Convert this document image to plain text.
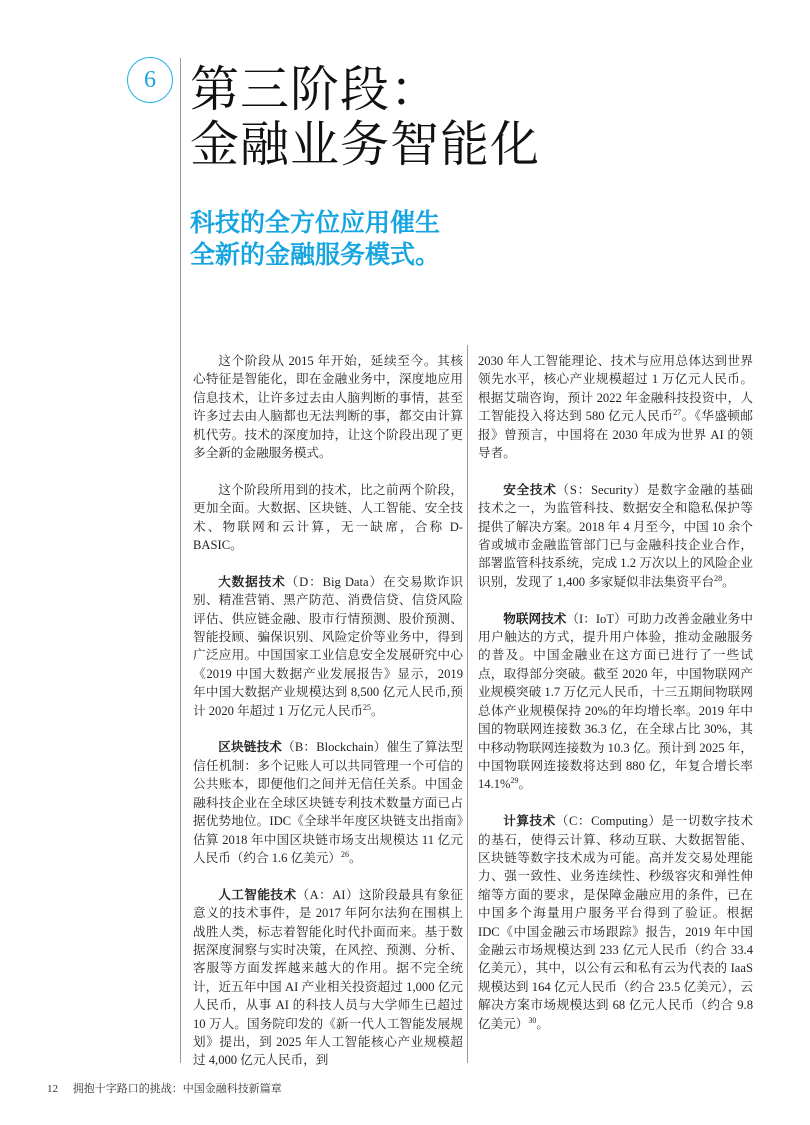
6 第三阶段：
金融业务智能化
科技的全方位应用催生
全新的金融服务模式。

这个阶段从 2015 年开始，延续至今。其核心特征是智能化，即在金融业务中，深度地应用信息技术，让许多过去由人脑判断的事情，甚至许多过去由人脑都也无法判断的事，都交由计算机代劳。技术的深度加持，让这个阶段出现了更多全新的金融服务模式。

这个阶段所用到的技术，比之前两个阶段，更加全面。大数据、区块链、人工智能、安全技术、物联网和云计算，无一缺席，合称 D-BASIC。

大数据技术（D：Big Data）在交易欺诈识别、精准营销、黑产防范、消费信贷、信贷风险评估、供应链金融、股市行情预测、股价预测、智能投顾、骗保识别、风险定价等业务中，得到广泛应用。中国国家工业信息安全发展研究中心《2019 中国大数据产业发展报告》显示，2019 年中国大数据产业规模达到 8,500 亿元人民币,预计 2020 年超过 1 万亿元人民币$^{25}$。

区块链技术（B：Blockchain）催生了算法型信任机制：多个记账人可以共同管理一个可信的公共账本，即便他们之间并无信任关系。中国金融科技企业在全球区块链专利技术数量方面已占据优势地位。IDC《全球半年度区块链支出指南》估算 2018 年中国区块链市场支出规模达 11 亿元人民币（约合 1.6 亿美元）$^{26}$。

人工智能技术（A：AI）这阶段最具有象征意义的技术事件，是 2017 年阿尔法狗在围棋上战胜人类，标志着智能化时代扑面而来。基于数据深度洞察与实时决策，在风控、预测、分析、客服等方面发挥越来越大的作用。据不完全统计，近五年中国 AI 产业相关投资超过 1,000 亿元人民币，从事 AI 的科技人员与大学师生已超过 10 万人。国务院印发的《新一代人工智能发展规划》提出，到 2025 年人工智能核心产业规模超过 4,000 亿元人民币，到

2030 年人工智能理论、技术与应用总体达到世界领先水平，核心产业规模超过 1 万亿元人民币。根据艾瑞咨询，预计 2022 年金融科技投资中，人工智能投入将达到 580 亿元人民币$^{27}$。《华盛顿邮报》曾预言，中国将在 2030 年成为世界 AI 的领导者。

安全技术（S：Security）是数字金融的基础技术之一，为监管科技、数据安全和隐私保护等提供了解决方案。2018 年 4 月至今，中国 10 余个省或城市金融监管部门已与金融科技企业合作，部署监管科技系统，完成 1.2 万次以上的风险企业识别，发现了 1,400 多家疑似非法集资平台$^{28}$。

物联网技术（I：IoT）可助力改善金融业务中用户触达的方式，提升用户体验，推动金融服务的普及。中国金融业在这方面已进行了一些试点，取得部分突破。截至 2020 年，中国物联网产业规模突破 1.7 万亿元人民币，十三五期间物联网总体产业规模保持 20%的年均增长率。2019 年中国的物联网连接数 36.3 亿，在全球占比 30%，其中移动物联网连接数为 10.3 亿。预计到 2025 年，中国物联网连接数将达到 880 亿，年复合增长率 14.1%$^{29}$。

计算技术（C：Computing）是一切数字技术的基石，使得云计算、移动互联、大数据智能、区块链等数字技术成为可能。高并发交易处理能力、强一致性、业务连续性、秒级容灾和弹性伸缩等方面的要求，是保障金融应用的条件，已在中国多个海量用户服务平台得到了验证。根据 IDC《中国金融云市场跟踪》报告，2019 年中国金融云市场规模达到 233 亿元人民币（约合 33.4 亿美元），其中，以公有云和私有云为代表的 IaaS 规模达到 164 亿元人民币（约合 23.5 亿美元），云解决方案市场规模达到 68 亿元人民币（约合 9.8 亿美元）$^{30}$。

12 拥抱十字路口的挑战：中国金融科技新篇章
